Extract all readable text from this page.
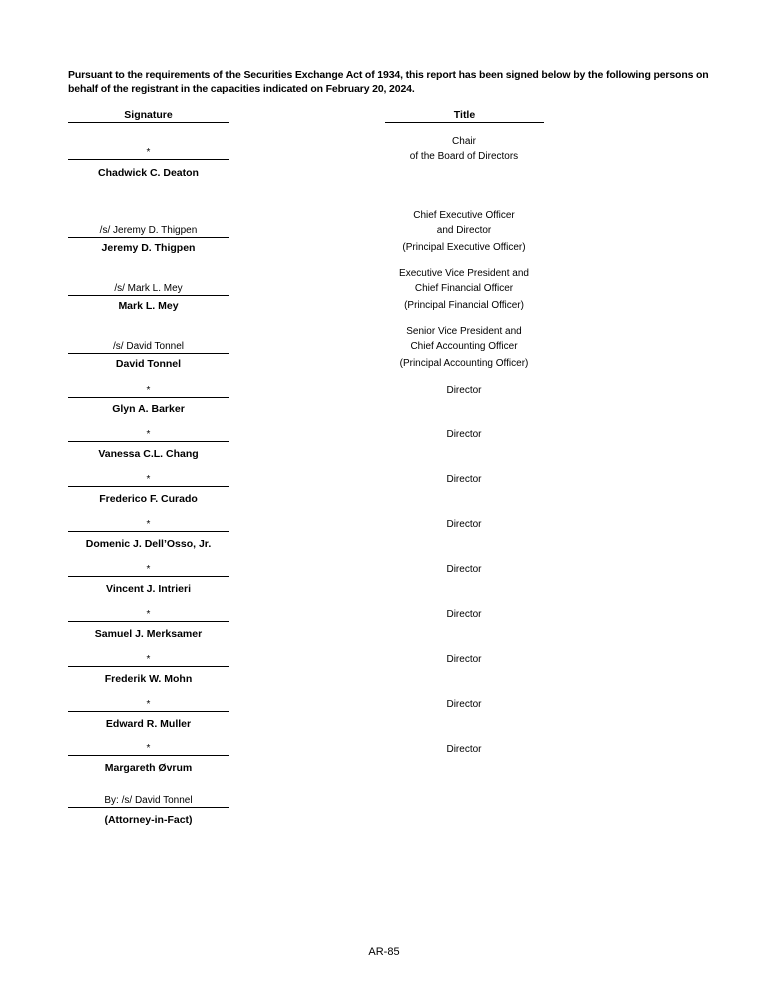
Pursuant to the requirements of the Securities Exchange Act of 1934, this report has been signed below by the following persons on behalf of the registrant in the capacities indicated on February 20, 2024.
Signature	Title
*
Chadwick C. Deaton
Chair
of the Board of Directors
/s/ Jeremy D. Thigpen
Jeremy D. Thigpen
Chief Executive Officer
and Director
(Principal Executive Officer)
/s/ Mark L. Mey
Mark L. Mey
Executive Vice President and
Chief Financial Officer
(Principal Financial Officer)
/s/ David Tonnel
David Tonnel
Senior Vice President and
Chief Accounting Officer
(Principal Accounting Officer)
*
Glyn A. Barker
Director
*
Vanessa C.L. Chang
Director
*
Frederico F. Curado
Director
*
Domenic J. Dell’Osso, Jr.
Director
*
Vincent J. Intrieri
Director
*
Samuel J. Merksamer
Director
*
Frederik W. Mohn
Director
*
Edward R. Muller
Director
*
Margareth Øvrum
Director
By: /s/ David Tonnel
(Attorney-in-Fact)
AR-85
